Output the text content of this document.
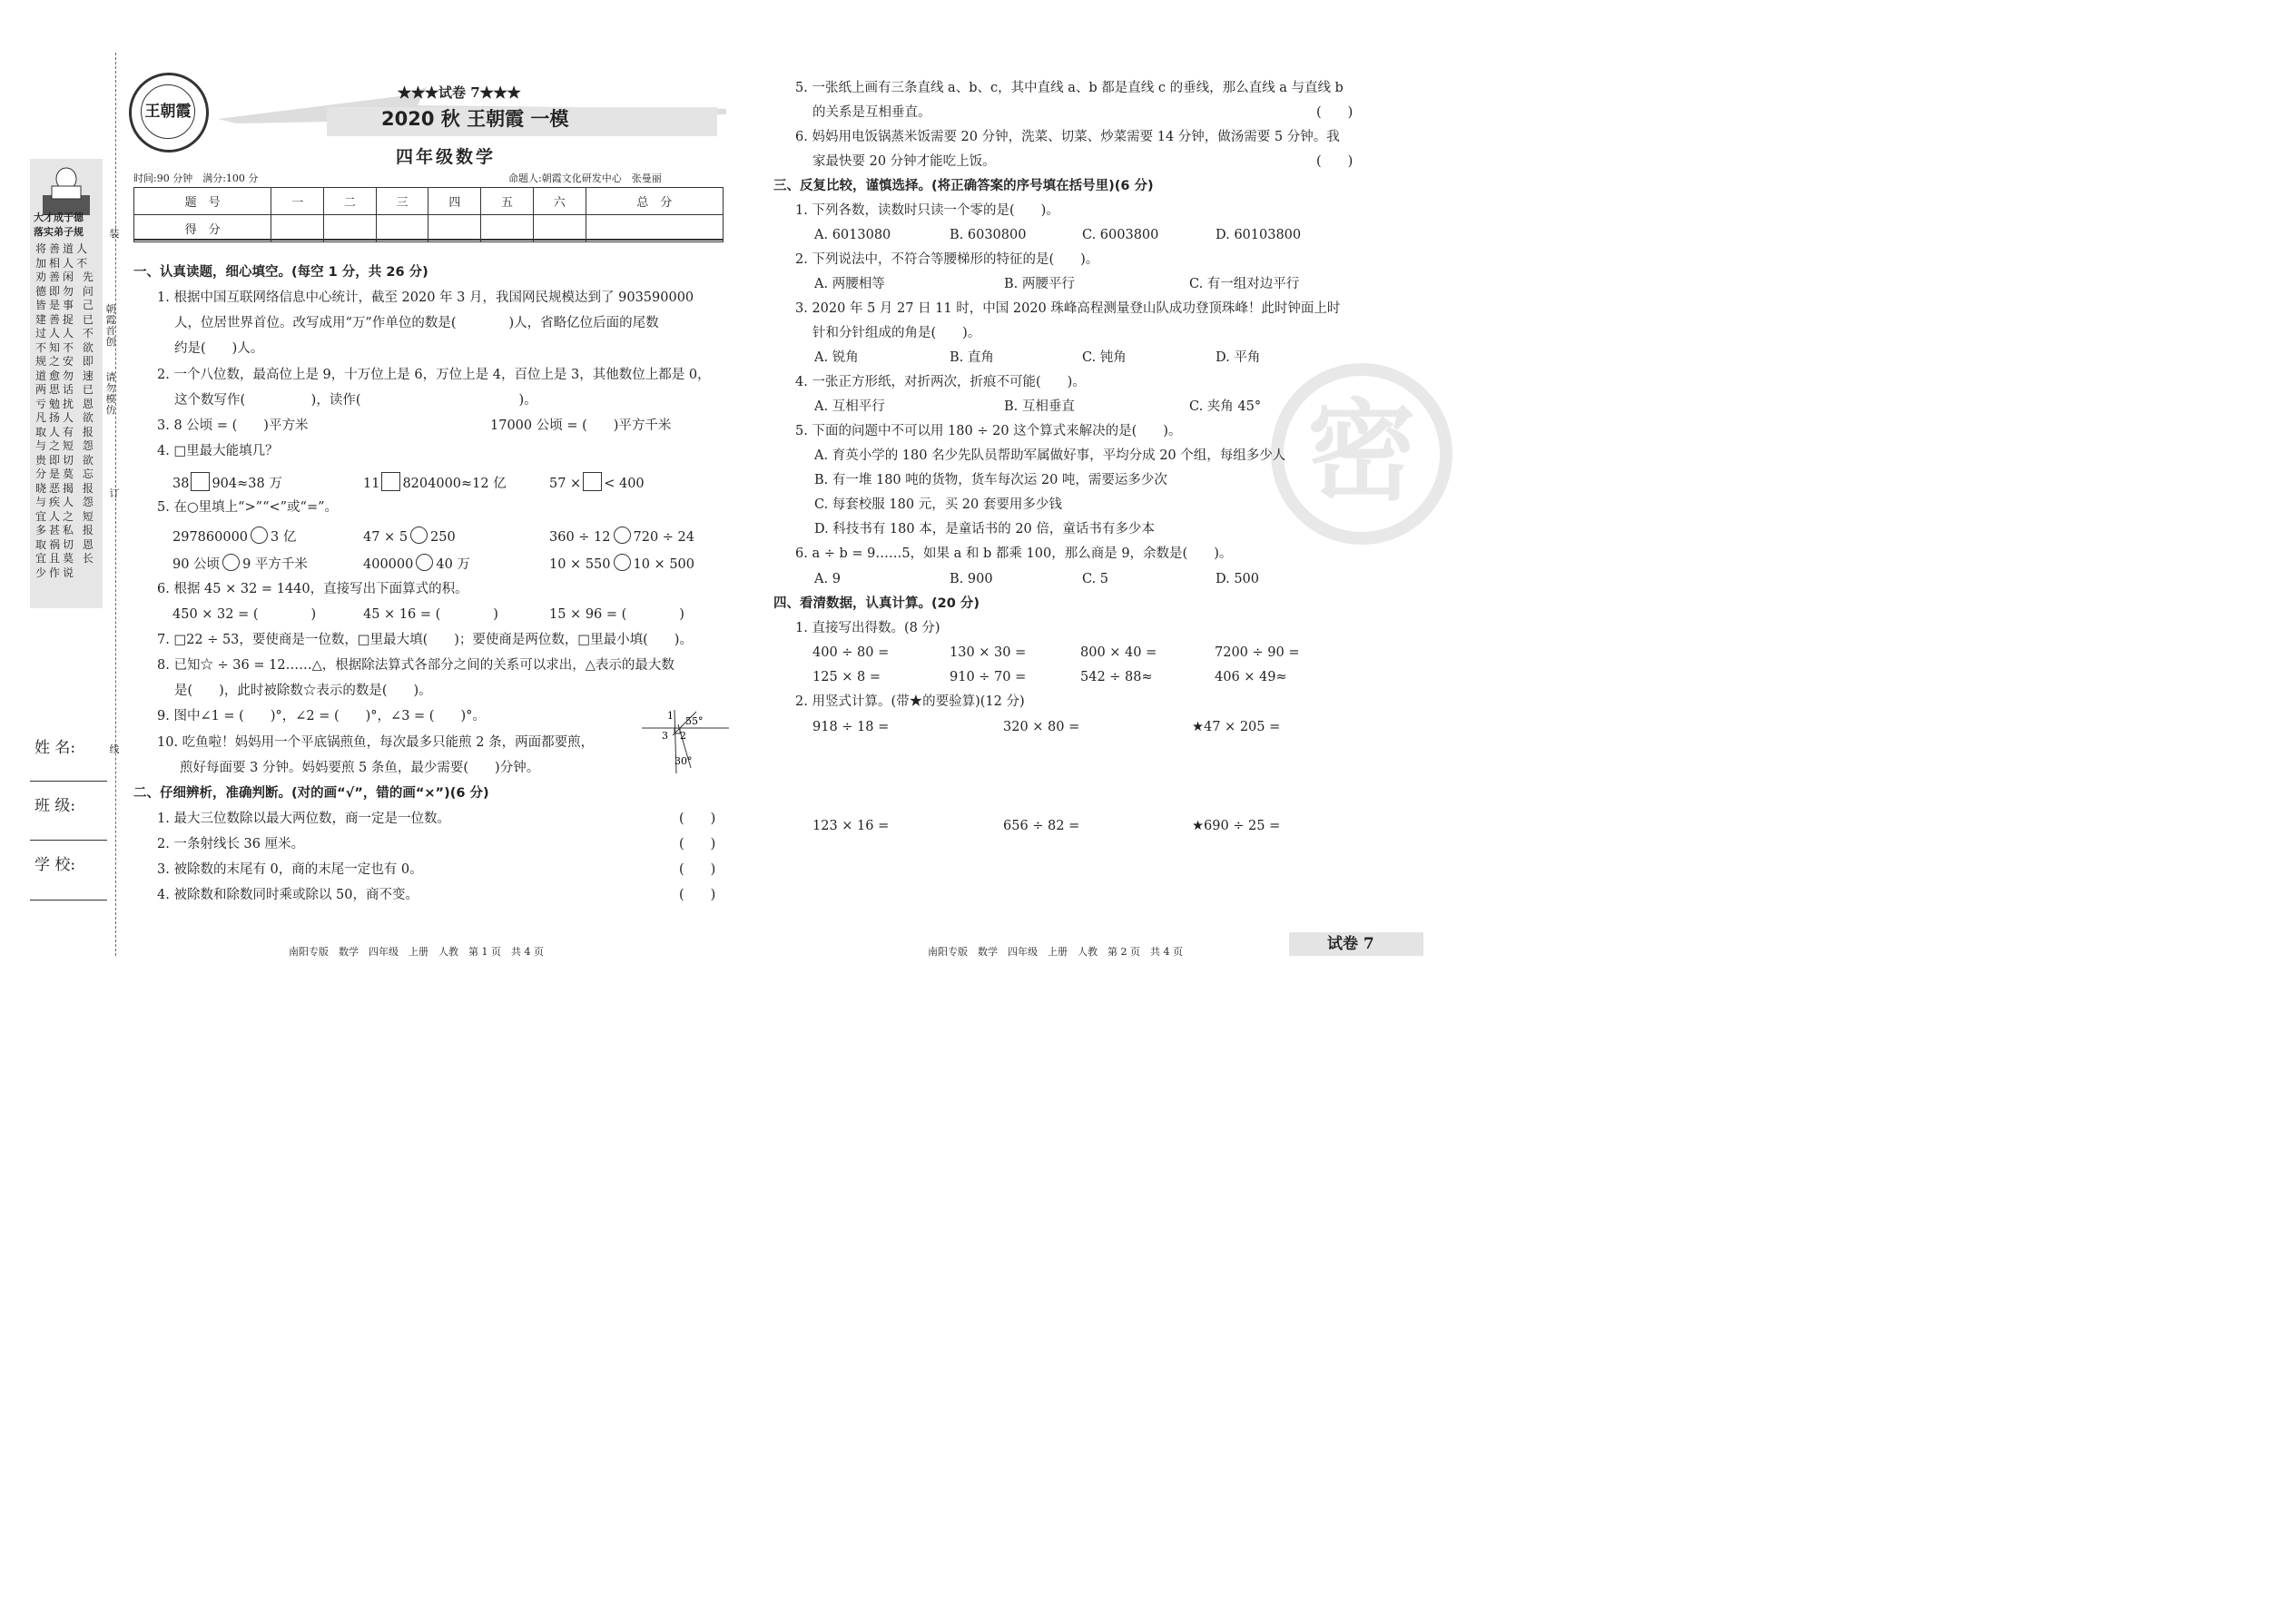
装
朝霞首创
请勿模仿
订
线
大才成于德
落实弟子规
将善道人 加相人不 劝善闲 先德即勿 问皆是事 己建善捉 已过人人 不不知不 欲规之安 即道愈勿 速两思话 已亏勉扰 恩凡扬人 欲取人有 报与之短 怨贵即切 欲分是莫 忘晓恶揭 报与疾人 怨宜人之 短多甚私 报取祸切 恩宜且莫 长少作说
姓 名:
班 级:
学 校:
王朝霞
★★★试卷 7★★★
2020 秋 王朝霞 一模
四年级数学
时间:90 分钟　满分:100 分	命题人:朝霞文化研发中心　张曼丽
题　号	一	二	三	四	五	六	总　分
得　分							
一、认真读题，细心填空。(每空 1 分，共 26 分)
1. 根据中国互联网络信息中心统计，截至 2020 年 3 月，我国网民规模达到了 903590000
人，位居世界首位。改写成用“万”作单位的数是(　　　　)人，省略亿位后面的尾数
约是(　　)人。
2. 一个八位数，最高位上是 9，十万位上是 6，万位上是 4，百位上是 3，其他数位上都是 0，
这个数写作(　　　　　)，读作(　　　　　　　　　　　　)。
3. 8 公顷 = (　　)平方米	17000 公顷 = (　　)平方千米
4. □里最大能填几？
38 904≈38 万	11 8204000≈12 亿	57 × < 400
5. 在○里填上“>”“<”或“=”。
297860000 3 亿	47 × 5 250	360 ÷ 12 720 ÷ 24
90 公顷 9 平方千米	400000 40 万	10 × 550 10 × 500
6. 根据 45 × 32 = 1440，直接写出下面算式的积。
450 × 32 = (　　　　)	45 × 16 = (　　　　)	15 × 96 = (　　　　)
7. □22 ÷ 53，要使商是一位数，□里最大填(　　)；要使商是两位数，□里最小填(　　)。
8. 已知☆ ÷ 36 = 12……△，根据除法算式各部分之间的关系可以求出，△表示的最大数
是(　　)，此时被除数☆表示的数是(　　)。
9. 图中∠1 = (　　)°，∠2 = (　　)°，∠3 = (　　)°。
10. 吃鱼啦！妈妈用一个平底锅煎鱼，每次最多只能煎 2 条，两面都要煎，
煎好每面要 3 分钟。妈妈要煎 5 条鱼，最少需要(　　)分钟。
1
2
3
55°
30°
二、仔细辨析，准确判断。(对的画“√”，错的画“×”)(6 分)
1. 最大三位数除以最大两位数，商一定是一位数。	(　　)
2. 一条射线长 36 厘米。	(　　)
3. 被除数的末尾有 0，商的末尾一定也有 0。	(　　)
4. 被除数和除数同时乘或除以 50，商不变。	(　　)
南阳专版　数学　四年级　上册　人教　第 1 页　共 4 页
5. 一张纸上画有三条直线 a、b、c，其中直线 a、b 都是直线 c 的垂线，那么直线 a 与直线 b
的关系是互相垂直。	(　　)
6. 妈妈用电饭锅蒸米饭需要 20 分钟，洗菜、切菜、炒菜需要 14 分钟，做汤需要 5 分钟。我
家最快要 20 分钟才能吃上饭。	(　　)
密
三、反复比较，谨慎选择。(将正确答案的序号填在括号里)(6 分)
1. 下列各数，读数时只读一个零的是(　　)。
A. 6013080	B. 6030800	C. 6003800	D. 60103800
2. 下列说法中，不符合等腰梯形的特征的是(　　)。
A. 两腰相等	B. 两腰平行	C. 有一组对边平行
3. 2020 年 5 月 27 日 11 时，中国 2020 珠峰高程测量登山队成功登顶珠峰！此时钟面上时
针和分针组成的角是(　　)。
A. 锐角	B. 直角	C. 钝角	D. 平角
4. 一张正方形纸，对折两次，折痕不可能(　　)。
A. 互相平行	B. 互相垂直	C. 夹角 45°
5. 下面的问题中不可以用 180 ÷ 20 这个算式来解决的是(　　)。
A. 育英小学的 180 名少先队员帮助军属做好事，平均分成 20 个组，每组多少人
B. 有一堆 180 吨的货物，货车每次运 20 吨，需要运多少次
C. 每套校服 180 元，买 20 套要用多少钱
D. 科技书有 180 本，是童话书的 20 倍，童话书有多少本
6. a ÷ b = 9……5，如果 a 和 b 都乘 100，那么商是 9，余数是(　　)。
A. 9	B. 900	C. 5	D. 500
四、看清数据，认真计算。(20 分)
1. 直接写出得数。(8 分)
400 ÷ 80 =	130 × 30 =	800 × 40 =	7200 ÷ 90 =
125 × 8 =	910 ÷ 70 =	542 ÷ 88≈	406 × 49≈
2. 用竖式计算。(带★的要验算)(12 分)
918 ÷ 18 =	320 × 80 =	★47 × 205 =
123 × 16 =	656 ÷ 82 =	★690 ÷ 25 =
南阳专版　数学　四年级　上册　人教　第 2 页　共 4 页	试卷 7
